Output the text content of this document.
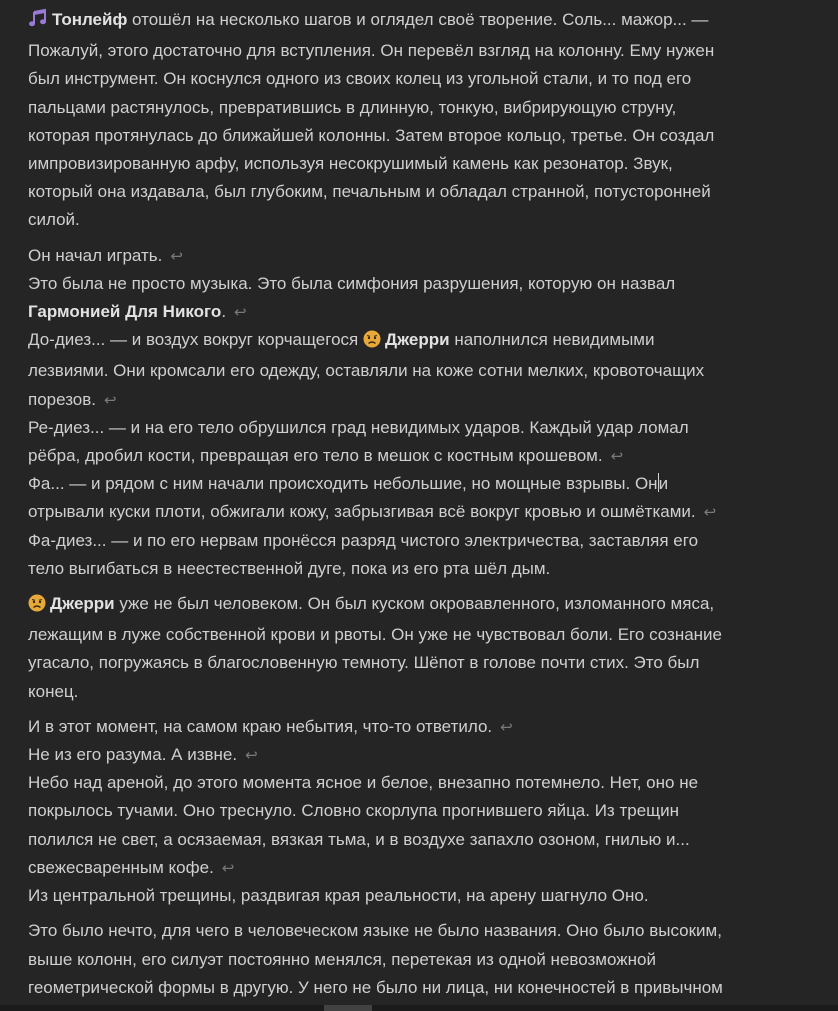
Тонлейф отошёл на несколько шагов и оглядел своё творение. Соль... мажор... —

Пожалуй, этого достаточно для вступления. Он перевёл взгляд на колонну. Ему нужен

был инструмент. Он коснулся одного из своих колец из угольной стали, и то под его

пальцами растянулось, превратившись в длинную, тонкую, вибрирующую струну,

которая протянулась до ближайшей колонны. Затем второе кольцо, третье. Он создал

импровизированную арфу, используя несокрушимый камень как резонатор. Звук,

который она издавала, был глубоким, печальным и обладал странной, потусторонней

силой.

Он начал играть. ↩

Это была не просто музыка. Это была симфония разрушения, которую он назвал

Гармонией Для Никого. ↩

До-диез... — и воздух вокруг корчащегося Джерри наполнился невидимыми

лезвиями. Они кромсали его одежду, оставляли на коже сотни мелких, кровоточащих

порезов. ↩

Ре-диез... — и на его тело обрушился град невидимых ударов. Каждый удар ломал

рёбра, дробил кости, превращая его тело в мешок с костным крошевом. ↩

Фа... — и рядом с ним начали происходить небольшие, но мощные взрывы. Они

отрывали куски плоти, обжигали кожу, забрызгивая всё вокруг кровью и ошмётками. ↩

Фа-диез... — и по его нервам пронёсся разряд чистого электричества, заставляя его

тело выгибаться в неестественной дуге, пока из его рта шёл дым.

Джерри уже не был человеком. Он был куском окровавленного, изломанного мяса,

лежащим в луже собственной крови и рвоты. Он уже не чувствовал боли. Его сознание

угасало, погружаясь в благословенную темноту. Шёпот в голове почти стих. Это был

конец.

И в этот момент, на самом краю небытия, что-то ответило. ↩

Не из его разума. А извне. ↩

Небо над ареной, до этого момента ясное и белое, внезапно потемнело. Нет, оно не

покрылось тучами. Оно треснуло. Словно скорлупа прогнившего яйца. Из трещин

полился не свет, а осязаемая, вязкая тьма, и в воздухе запахло озоном, гнилью и...

свежесваренным кофе. ↩

Из центральной трещины, раздвигая края реальности, на арену шагнуло Оно.

Это было нечто, для чего в человеческом языке не было названия. Оно было высоким,

выше колонн, его силуэт постоянно менялся, перетекая из одной невозможной

геометрической формы в другую. У него не было ни лица, ни конечностей в привычном
